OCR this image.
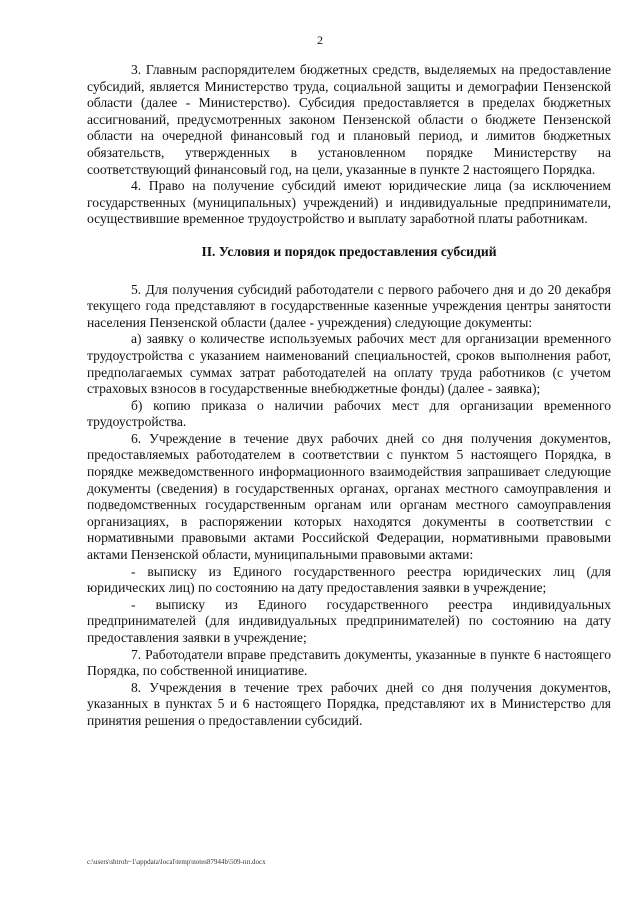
2

3. Главным распорядителем бюджетных средств, выделяемых на предоставление субсидий, является Министерство труда, социальной защиты и демографии Пензенской области (далее - Министерство). Субсидия предоставляется в пределах бюджетных ассигнований, предусмотренных законом Пензенской области о бюджете Пензенской области на очередной финансовый год и плановый период, и лимитов бюджетных обязательств, утвержденных в установленном порядке Министерству на соответствующий финансовый год, на цели, указанные в пункте 2 настоящего Порядка.

4. Право на получение субсидий имеют юридические лица (за исключением государственных (муниципальных) учреждений) и индивидуальные предприниматели, осуществившие временное трудоустройство и выплату заработной платы работникам.

II. Условия и порядок предоставления субсидий

5. Для получения субсидий работодатели с первого рабочего дня и до 20 декабря текущего года представляют в государственные казенные учреждения центры занятости населения Пензенской области (далее - учреждения) следующие документы:

а) заявку о количестве используемых рабочих мест для организации временного трудоустройства с указанием наименований специальностей, сроков выполнения работ, предполагаемых суммах затрат работодателей на оплату труда работников (с учетом страховых взносов в государственные внебюджетные фонды) (далее - заявка);

б) копию приказа о наличии рабочих мест для организации временного трудоустройства.

6. Учреждение в течение двух рабочих дней со дня получения документов, предоставляемых работодателем в соответствии с пунктом 5 настоящего Порядка, в порядке межведомственного информационного взаимодействия запрашивает следующие документы (сведения) в государственных органах, органах местного самоуправления и подведомственных государственным органам или органам местного самоуправления организациях, в распоряжении которых находятся документы в соответствии с нормативными правовыми актами Российской Федерации, нормативными правовыми актами Пензенской области, муниципальными правовыми актами:

- выписку из Единого государственного реестра юридических лиц (для юридических лиц) по состоянию на дату предоставления заявки в учреждение;

- выписку из Единого государственного реестра индивидуальных предпринимателей (для индивидуальных предпринимателей) по состоянию на дату предоставления заявки в учреждение;

7. Работодатели вправе представить документы, указанные в пункте 6 настоящего Порядка, по собственной инициативе.

8. Учреждения в течение трех рабочих дней со дня получения документов, указанных в пунктах 5 и 6 настоящего Порядка, представляют их в Министерство для принятия решения о предоставлении субсидий.

c:\users\shtroh~1\appdata\local\temp\notes87944b\509-пп.docx
